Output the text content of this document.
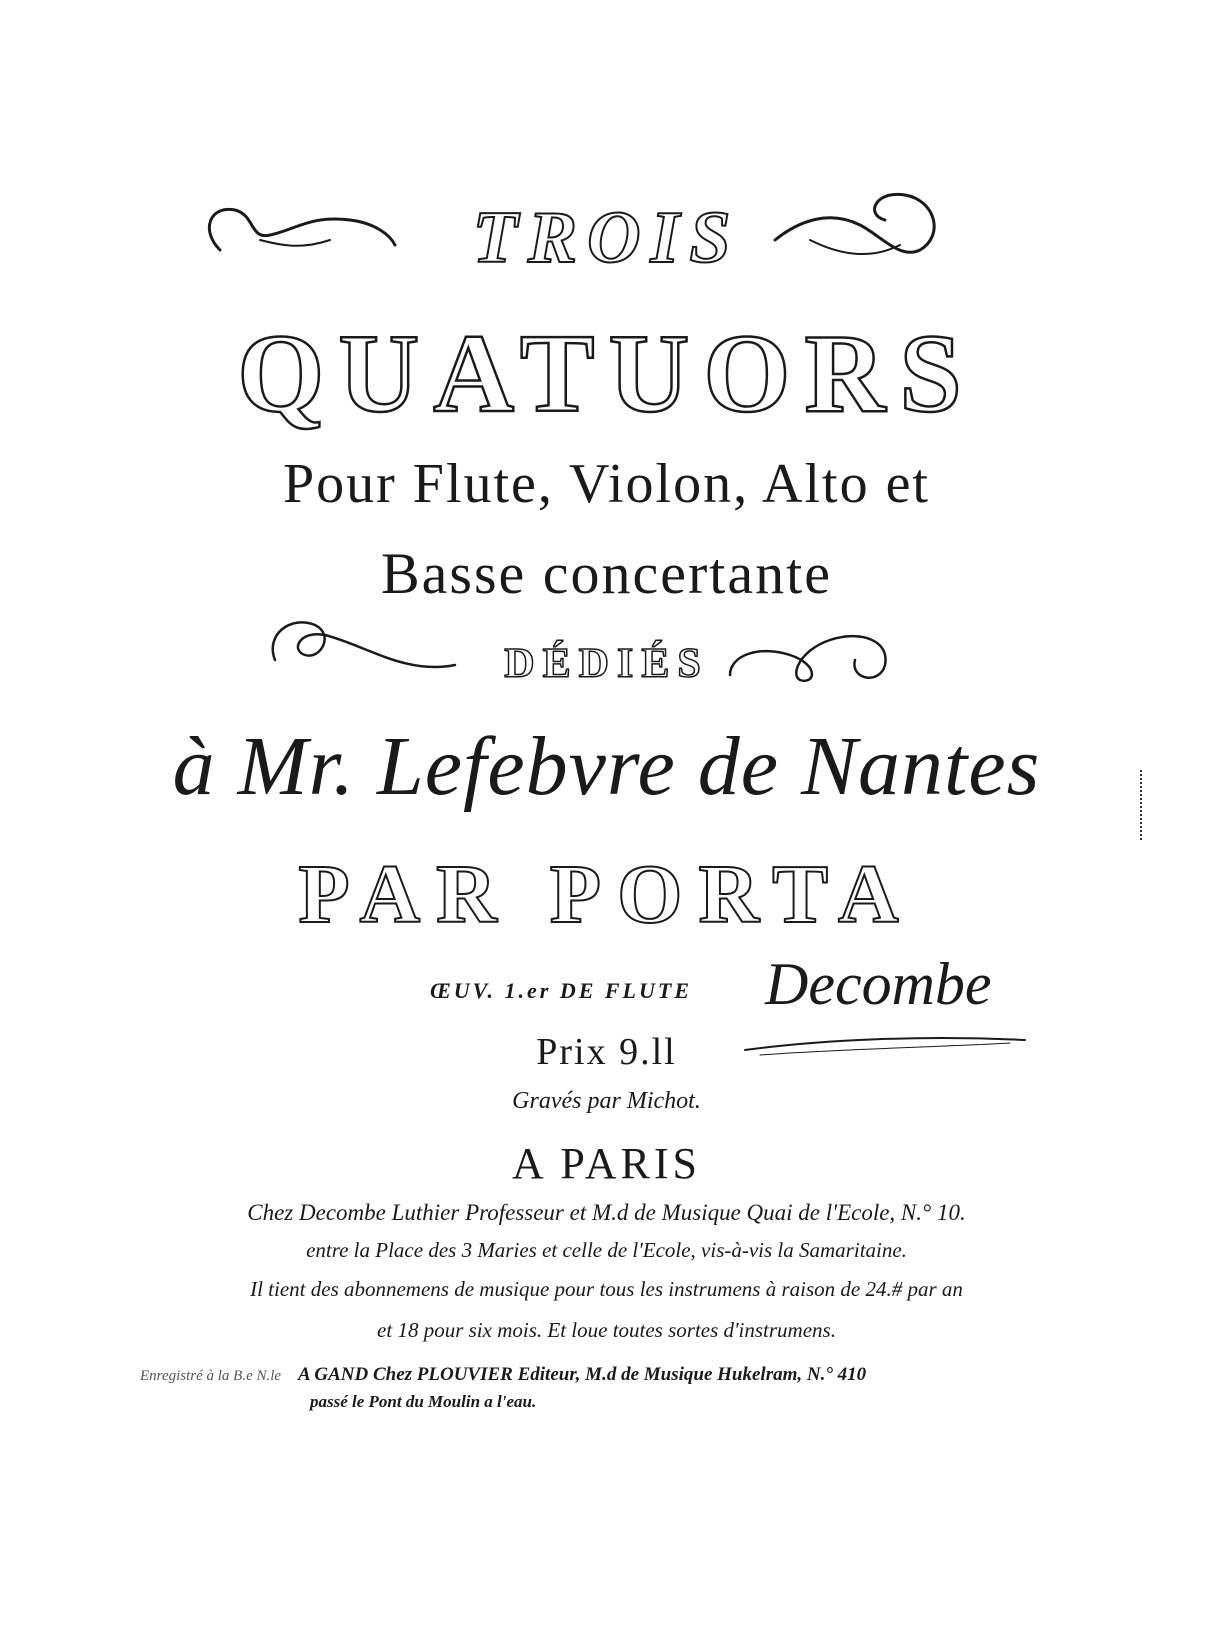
TROIS
QUATUORS
Pour Flute, Violon, Alto et
Basse concertante
DÉDIÉS
à Mr. Lefebvre de Nantes
PAR PORTA
ŒUV. 1.er DE FLUTE Decombe
Prix 9.ll
Gravés par Michot.
A PARIS
Chez Decombe Luthier Professeur et M.d de Musique Quai de l'Ecole, N.° 10.
entre la Place des 3 Maries et celle de l'Ecole, vis-à-vis la Samaritaine.
Il tient des abonnemens de musique pour tous les instrumens à raison de 24.# par an
et 18 pour six mois. Et loue toutes sortes d'instrumens.
Enregistré à la B.e N.le A GAND Chez PLOUVIER Editeur, M.d de Musique Hukelram, N.° 410
passé le Pont du Moulin a l'eau.
